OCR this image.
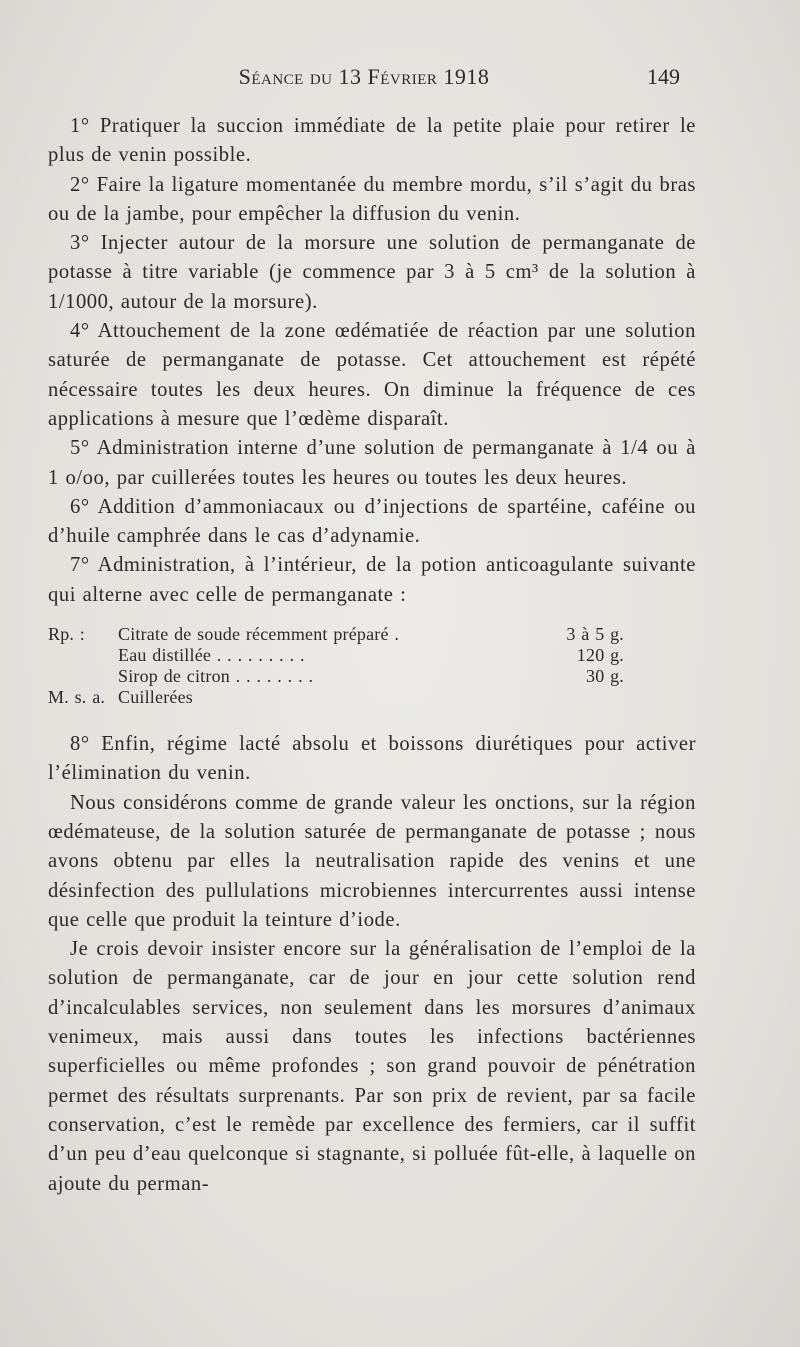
Séance du 13 Février 1918	149

1° Pratiquer la succion immédiate de la petite plaie pour retirer le plus de venin possible.

2° Faire la ligature momentanée du membre mordu, s’il s’agit du bras ou de la jambe, pour empêcher la diffusion du venin.

3° Injecter autour de la morsure une solution de permanganate de potasse à titre variable (je commence par 3 à 5 cm³ de la solution à 1/1000, autour de la morsure).

4° Attouchement de la zone œdématiée de réaction par une solution saturée de permanganate de potasse. Cet attouchement est répété nécessaire toutes les deux heures. On diminue la fréquence de ces applications à mesure que l’œdème disparaît.

5° Administration interne d’une solution de permanganate à 1/4 ou à 1 o/oo, par cuillerées toutes les heures ou toutes les deux heures.

6° Addition d’ammoniacaux ou d’injections de spartéine, caféine ou d’huile camphrée dans le cas d’adynamie.

7° Administration, à l’intérieur, de la potion anticoagulante suivante qui alterne avec celle de permanganate :

Rp. :	Citrate de soude récemment préparé .	3 à 5 g.
Eau distillée . . . . . . . . .	120 g.
Sirop de citron . . . . . . . .	30 g.
M. s. a. Cuillerées

8° Enfin, régime lacté absolu et boissons diurétiques pour activer l’élimination du venin.

Nous considérons comme de grande valeur les onctions, sur la région œdémateuse, de la solution saturée de permanganate de potasse ; nous avons obtenu par elles la neutralisation rapide des venins et une désinfection des pullulations microbiennes intercurrentes aussi intense que celle que produit la teinture d’iode.

Je crois devoir insister encore sur la généralisation de l’emploi de la solution de permanganate, car de jour en jour cette solution rend d’incalculables services, non seulement dans les morsures d’animaux venimeux, mais aussi dans toutes les infections bactériennes superficielles ou même profondes ; son grand pouvoir de pénétration permet des résultats surprenants. Par son prix de revient, par sa facile conservation, c’est le remède par excellence des fermiers, car il suffit d’un peu d’eau quelconque si stagnante, si polluée fût-elle, à laquelle on ajoute du perman-
